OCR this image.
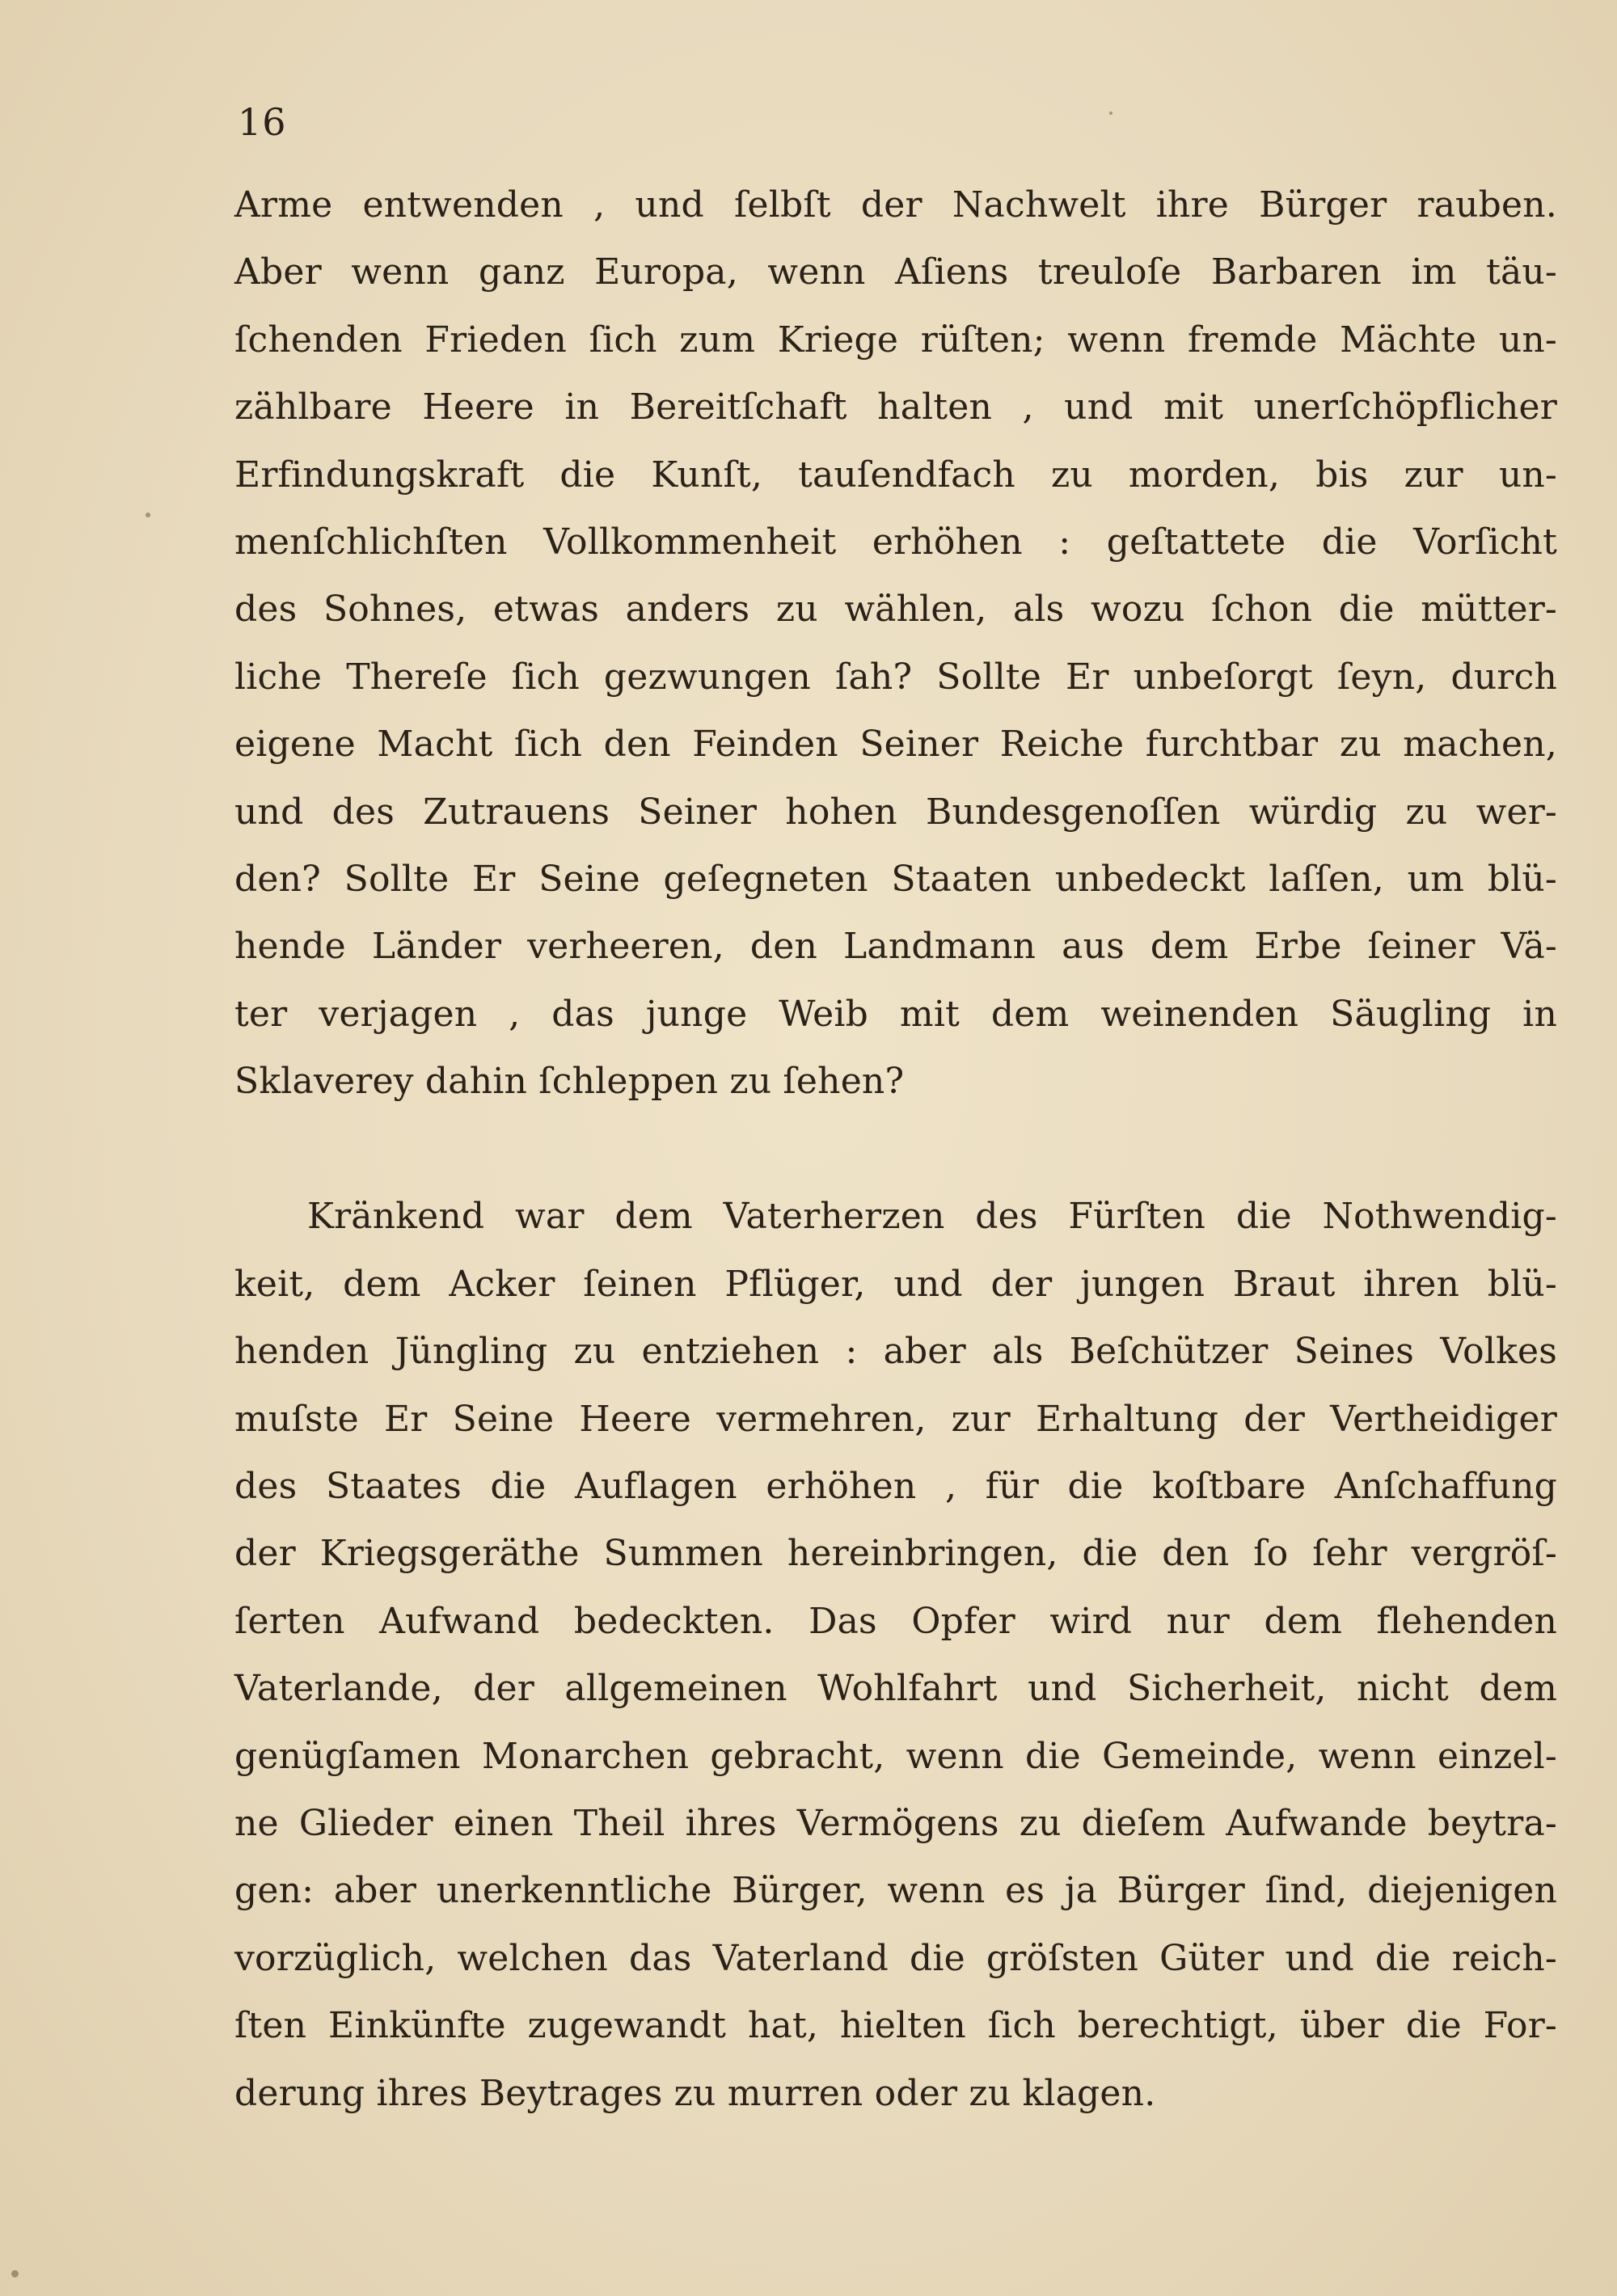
16
Arme entwenden , und ſelbſt der Nachwelt ihre Bürger rauben.
Aber wenn ganz Europa, wenn Aſiens treuloſe Barbaren im täu-
ſchenden Frieden ſich zum Kriege rüſten; wenn fremde Mächte un-
zählbare Heere in Bereitſchaft halten , und mit unerſchöpflicher
Erfindungskraft die Kunſt, tauſendfach zu morden, bis zur un-
menſchlichſten Vollkommenheit erhöhen : geſtattete die Vorſicht
des Sohnes, etwas anders zu wählen, als wozu ſchon die mütter-
liche Thereſe ſich gezwungen ſah? Sollte Er unbeſorgt ſeyn, durch
eigene Macht ſich den Feinden Seiner Reiche furchtbar zu machen,
und des Zutrauens Seiner hohen Bundesgenoſſen würdig zu wer-
den? Sollte Er Seine geſegneten Staaten unbedeckt laſſen, um blü-
hende Länder verheeren, den Landmann aus dem Erbe ſeiner Vä-
ter verjagen , das junge Weib mit dem weinenden Säugling in
Sklaverey dahin ſchleppen zu ſehen?
Kränkend war dem Vaterherzen des Fürſten die Nothwendig-
keit, dem Acker ſeinen Pflüger, und der jungen Braut ihren blü-
henden Jüngling zu entziehen : aber als Beſchützer Seines Volkes
muſste Er Seine Heere vermehren, zur Erhaltung der Vertheidiger
des Staates die Auflagen erhöhen , für die koſtbare Anſchaffung
der Kriegsgeräthe Summen hereinbringen, die den ſo ſehr vergröſ-
ſerten Aufwand bedeckten. Das Opfer wird nur dem flehenden
Vaterlande, der allgemeinen Wohlfahrt und Sicherheit, nicht dem
genügſamen Monarchen gebracht, wenn die Gemeinde, wenn einzel-
ne Glieder einen Theil ihres Vermögens zu dieſem Aufwande beytra-
gen: aber unerkenntliche Bürger, wenn es ja Bürger ſind, diejenigen
vorzüglich, welchen das Vaterland die gröſsten Güter und die reich-
ſten Einkünfte zugewandt hat, hielten ſich berechtigt, über die For-
derung ihres Beytrages zu murren oder zu klagen.
